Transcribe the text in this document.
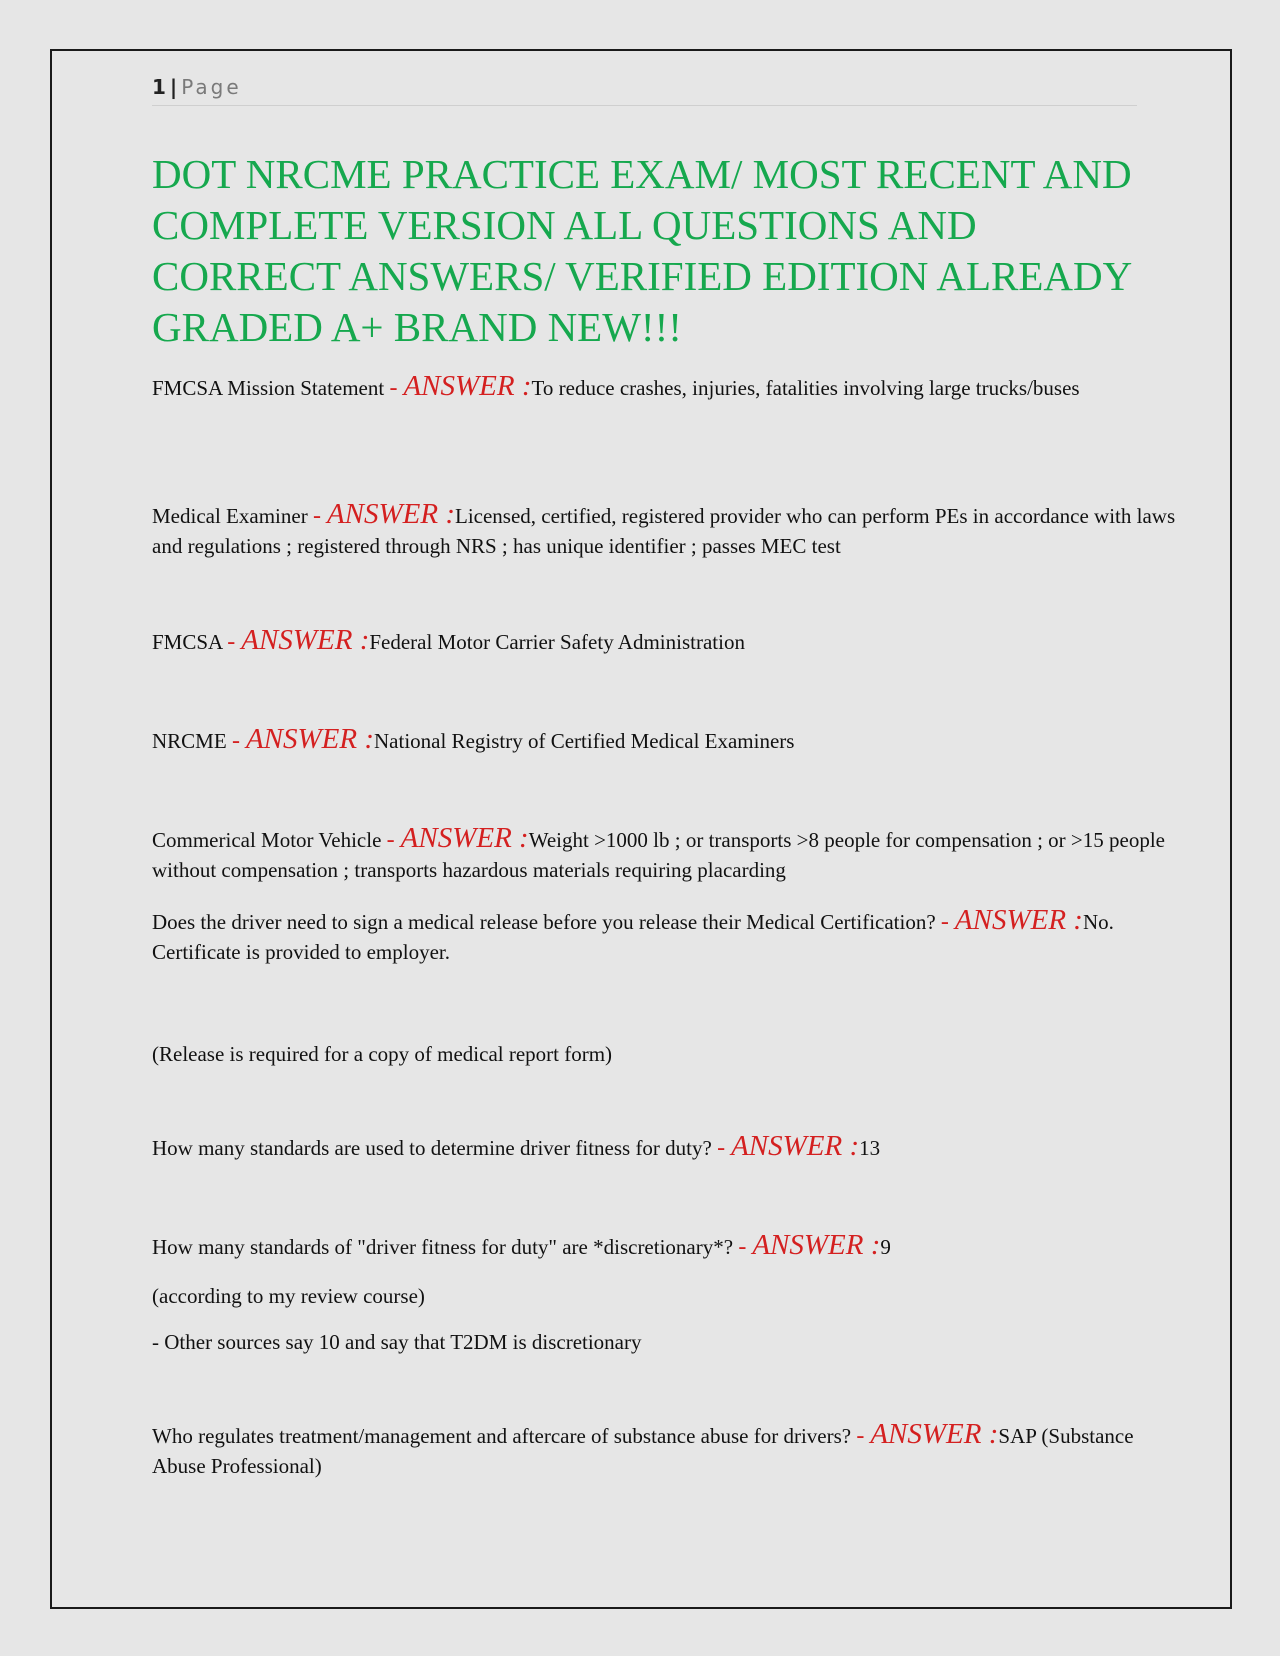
1 | Page
DOT NRCME PRACTICE EXAM/ MOST RECENT AND COMPLETE VERSION ALL QUESTIONS AND CORRECT ANSWERS/ VERIFIED EDITION ALREADY GRADED A+ BRAND NEW!!!

FMCSA Mission Statement - ANSWER :To reduce crashes, injuries, fatalities involving large trucks/buses

Medical Examiner - ANSWER :Licensed, certified, registered provider who can perform PEs in accordance with laws and regulations ; registered through NRS ; has unique identifier ; passes MEC test

FMCSA - ANSWER :Federal Motor Carrier Safety Administration

NRCME - ANSWER :National Registry of Certified Medical Examiners

Commerical Motor Vehicle - ANSWER :Weight >1000 lb ; or transports >8 people for compensation ; or >15 people without compensation ; transports hazardous materials requiring placarding

Does the driver need to sign a medical release before you release their Medical Certification? - ANSWER :No. Certificate is provided to employer.

(Release is required for a copy of medical report form)

How many standards are used to determine driver fitness for duty? - ANSWER :13

How many standards of "driver fitness for duty" are *discretionary*? - ANSWER :9

(according to my review course)

- Other sources say 10 and say that T2DM is discretionary

Who regulates treatment/management and aftercare of substance abuse for drivers? - ANSWER :SAP (Substance Abuse Professional)
